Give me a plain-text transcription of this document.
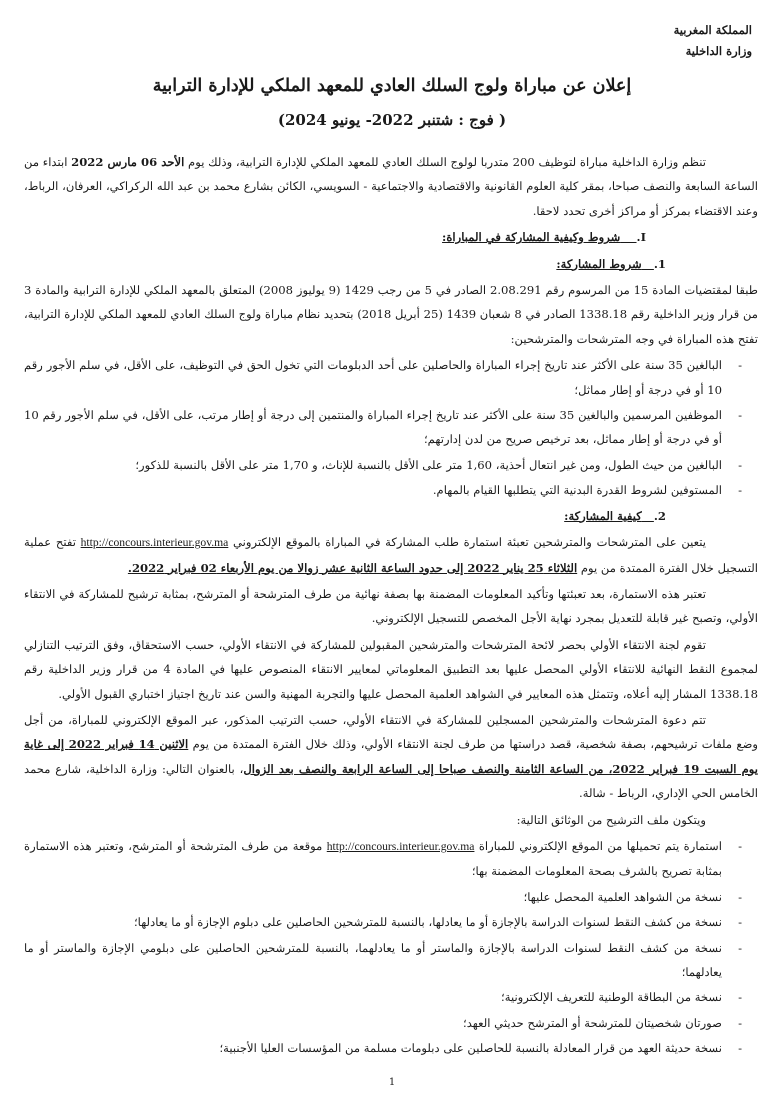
المملكة المغربية
وزارة الداخلية
إعلان عن مباراة ولوج السلك العادي للمعهد الملكي للإدارة الترابية
( فوج : شتنبر 2022- يونيو 2024)

تنظم وزارة الداخلية مباراة لتوظيف 200 متدربا لولوج السلك العادي للمعهد الملكي للإدارة الترابية، وذلك يوم الأحد 06 مارس 2022 ابتداء من الساعة السابعة والنصف صباحا، بمقر كلية العلوم القانونية والاقتصادية والاجتماعية - السويسي، الكائن بشارع محمد بن عبد الله الركراكي، العرفان، الرباط، وعند الاقتضاء بمركز أو مراكز أخرى تحدد لاحقا.

I.    شروط وكيفية المشاركة في المباراة:

1.   شروط المشاركة:

طبقا لمقتضيات المادة 15 من المرسوم رقم 2.08.291 الصادر في 5 من رجب 1429 (9 يوليوز 2008) المتعلق بالمعهد الملكي للإدارة الترابية والمادة 3 من قرار وزير الداخلية رقم 1338.18 الصادر في 8 شعبان 1439 (25 أبريل 2018) بتحديد نظام مباراة ولوج السلك العادي للمعهد الملكي للإدارة الترابية، تفتح هذه المباراة في وجه المترشحات والمترشحين:

- البالغين 35 سنة على الأكثر عند تاريخ إجراء المباراة والحاصلين على أحد الدبلومات التي تخول الحق في التوظيف، على الأقل، في سلم الأجور رقم 10 أو في درجة أو إطار مماثل؛
- الموظفين المرسمين والبالغين 35 سنة على الأكثر عند تاريخ إجراء المباراة والمنتمين إلى درجة أو إطار مرتب، على الأقل، في سلم الأجور رقم 10 أو في درجة أو إطار مماثل، بعد ترخيص صريح من لدن إدارتهم؛
- البالغين من حيث الطول، ومن غير انتعال أحذية، 1,60 متر على الأقل بالنسبة للإناث، و 1,70 متر على الأقل بالنسبة للذكور؛
- المستوفين لشروط القدرة البدنية التي يتطلبها القيام بالمهام.

2.   كيفية المشاركة:

يتعين على المترشحات والمترشحين تعبئة استمارة طلب المشاركة في المباراة بالموقع الإلكتروني http://concours.interieur.gov.ma تفتح عملية التسجيل خلال الفترة الممتدة من يوم الثلاثاء 25 يناير 2022 إلى حدود الساعة الثانية عشر زوالا من يوم الأربعاء 02 فبراير 2022.

تعتبر هذه الاستمارة، بعد تعبئتها وتأكيد المعلومات المضمنة بها بصفة نهائية من طرف المترشحة أو المترشح، بمثابة ترشيح للمشاركة في الانتقاء الأولي، وتصبح غير قابلة للتعديل بمجرد نهاية الأجل المخصص للتسجيل الإلكتروني.

تقوم لجنة الانتقاء الأولي بحصر لائحة المترشحات والمترشحين المقبولين للمشاركة في الانتقاء الأولي، حسب الاستحقاق، وفق الترتيب التنازلي لمجموع النقط النهائية للانتقاء الأولي المحصل عليها بعد التطبيق المعلوماتي لمعايير الانتقاء المنصوص عليها في المادة 4 من قرار وزير الداخلية رقم 1338.18 المشار إليه أعلاه، وتتمثل هذه المعايير في الشواهد العلمية المحصل عليها والتجربة المهنية والسن عند تاريخ اجتياز اختباري القبول الأولي.

تتم دعوة المترشحات والمترشحين المسجلين للمشاركة في الانتقاء الأولي، حسب الترتيب المذكور، عبر الموقع الإلكتروني للمباراة، من أجل وضع ملفات ترشيحهم، بصفة شخصية، قصد دراستها من طرف لجنة الانتقاء الأولي، وذلك خلال الفترة الممتدة من يوم الاثنين 14 فبراير 2022 إلى غاية يوم السبت 19 فبراير 2022، من الساعة الثامنة والنصف صباحا إلى الساعة الرابعة والنصف بعد الزوال، بالعنوان التالي: وزارة الداخلية، شارع محمد الخامس الحي الإداري، الرباط - شالة.

ويتكون ملف الترشيح من الوثائق التالية:

- استمارة يتم تحميلها من الموقع الإلكتروني للمباراة http://concours.interieur.gov.ma موقعة من طرف المترشحة أو المترشح، وتعتبر هذه الاستمارة بمثابة تصريح بالشرف بصحة المعلومات المضمنة بها؛
- نسخة من الشواهد العلمية المحصل عليها؛
- نسخة من كشف النقط لسنوات الدراسة بالإجازة أو ما يعادلها، بالنسبة للمترشحين الحاصلين على دبلوم الإجازة أو ما يعادلها؛
- نسخة من كشف النقط لسنوات الدراسة بالإجازة والماستر أو ما يعادلهما، بالنسبة للمترشحين الحاصلين على دبلومي الإجازة والماستر أو ما يعادلهما؛
- نسخة من البطاقة الوطنية للتعريف الإلكترونية؛
- صورتان شخصيتان للمترشحة أو المترشح حديثي العهد؛
- نسخة حديثة العهد من قرار المعادلة بالنسبة للحاصلين على دبلومات مسلمة من المؤسسات العليا الأجنبية؛
1
